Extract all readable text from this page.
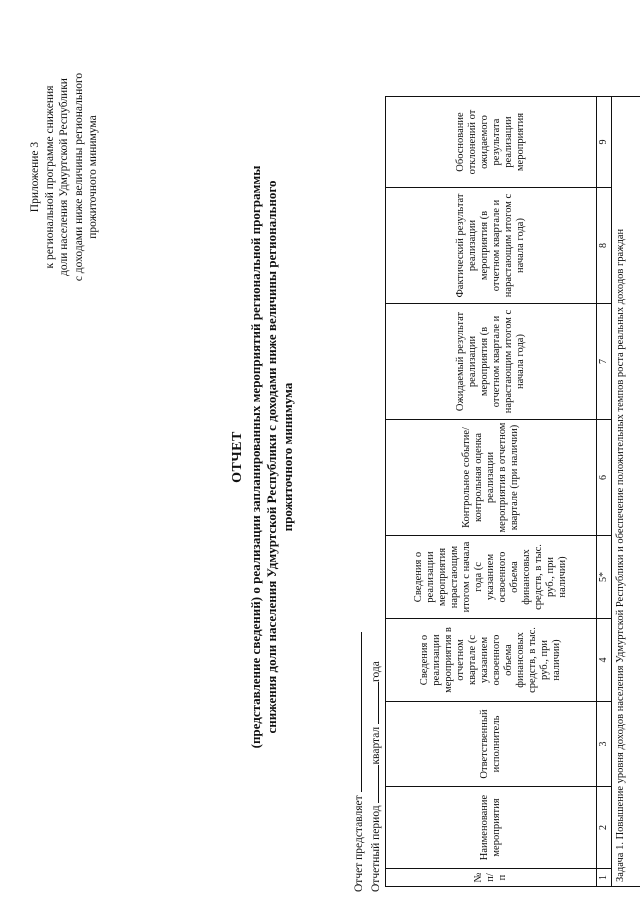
Приложение 3 к региональной программе снижения доли населения Удмуртской Республики с доходами ниже величины регионального прожиточного минимума
ОТЧЕТ (представление сведений) о реализации запланированных мероприятий региональной программы снижения доли населения Удмуртской Республики с доходами ниже величины регионального прожиточного минимума
Отчет представляет Отчетный период квартал года
№ п/п	Наименование мероприятия	Ответственный исполнитель	Сведения о реализации мероприятия в отчетном квартале (с указанием освоенного объема финансовых средств, в тыс. руб., при наличии)	Сведения о реализации мероприятия нарастающим итогом с начала года (с указанием освоенного объема финансовых средств, в тыс. руб., при наличии)	Контрольное событие/ контрольная оценка реализации мероприятия в отчетном квартале (при наличии)	Ожидаемый результат реализации мероприятия (в отчетном квартале и нарастающим итогом с начала года)	Фактический результат реализации мероприятия (в отчетном квартале и нарастающим итогом с начала года)	Обоснование отклонений от ожидаемого результата реализации мероприятия
1	2	3	4	5*	6	7	8	9
Задача 1. Повышение уровня доходов населения Удмуртской Республики и обеспечение положительных темпов роста реальных доходов граждан								
